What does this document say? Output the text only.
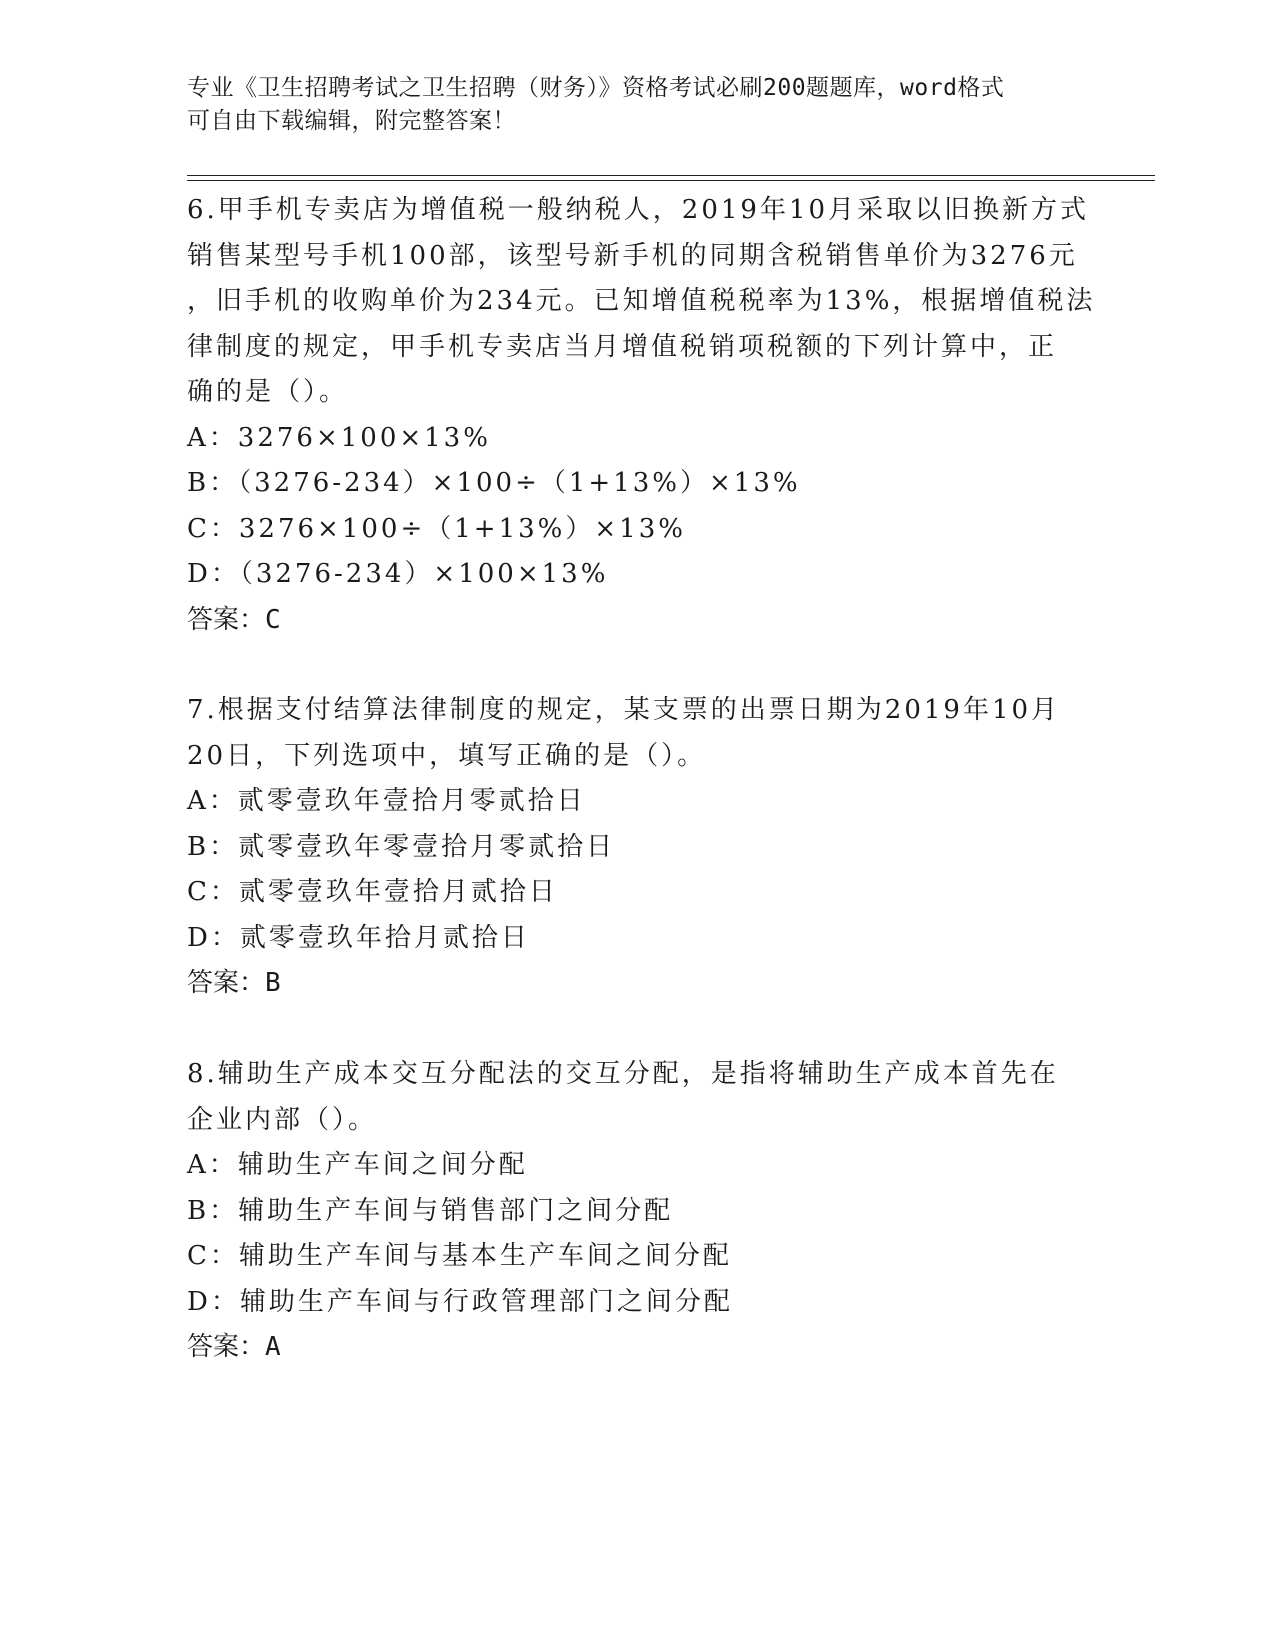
专业《卫生招聘考试之卫生招聘（财务）》资格考试必刷200题题库，word格式
可自由下载编辑，附完整答案！
6.甲手机专卖店为增值税一般纳税人，2019年10月采取以旧换新方式
销售某型号手机100部，该型号新手机的同期含税销售单价为3276元
，旧手机的收购单价为234元。已知增值税税率为13%，根据增值税法
律制度的规定，甲手机专卖店当月增值税销项税额的下列计算中，正
确的是（）。
A：3276×100×13%
B：（3276-234）×100÷（1+13%）×13%
C：3276×100÷（1+13%）×13%
D：（3276-234）×100×13%
答案：C
7.根据支付结算法律制度的规定，某支票的出票日期为2019年10月
20日，下列选项中，填写正确的是（）。
A：贰零壹玖年壹拾月零贰拾日
B：贰零壹玖年零壹拾月零贰拾日
C：贰零壹玖年壹拾月贰拾日
D：贰零壹玖年拾月贰拾日
答案：B
8.辅助生产成本交互分配法的交互分配，是指将辅助生产成本首先在
企业内部（）。
A：辅助生产车间之间分配
B：辅助生产车间与销售部门之间分配
C：辅助生产车间与基本生产车间之间分配
D：辅助生产车间与行政管理部门之间分配
答案：A
